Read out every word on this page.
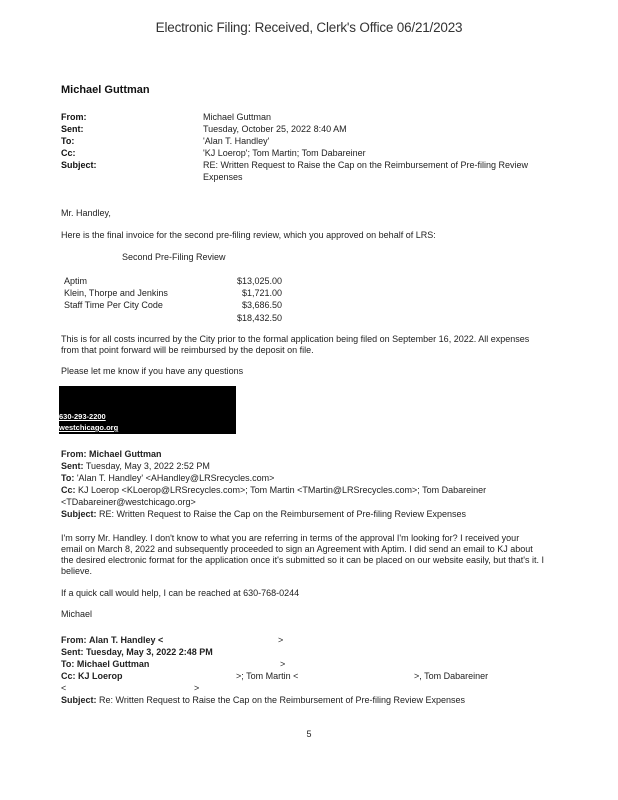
Electronic Filing: Received, Clerk's Office 06/21/2023
Michael Guttman
From:	Michael Guttman
Sent:	Tuesday, October 25, 2022 8:40 AM
To:	'Alan T. Handley'
Cc:	'KJ Loerop'; Tom Martin; Tom Dabareiner
Subject:	RE: Written Request to Raise the Cap on the Reimbursement of Pre-filing Review
Expenses
Mr. Handley,
Here is the final invoice for the second pre-filing review, which you approved on behalf of LRS:
Second Pre-Filing Review
Aptim	$13,025.00
Klein, Thorpe and Jenkins	$1,721.00
Staff Time Per City Code	$3,686.50
$18,432.50
This is for all costs incurred by the City prior to the formal application being filed on September 16, 2022. All expenses
from that point forward will be reimbursed by the deposit on file.
Please let me know if you have any questions
630-293-2200
westchicago.org
From: Michael Guttman
Sent: Tuesday, May 3, 2022 2:52 PM
To: 'Alan T. Handley' <AHandley@LRSrecycles.com>
Cc: KJ Loerop <KLoerop@LRSrecycles.com>; Tom Martin <TMartin@LRSrecycles.com>; Tom Dabareiner
<TDabareiner@westchicago.org>
Subject: RE: Written Request to Raise the Cap on the Reimbursement of Pre-filing Review Expenses
I'm sorry Mr. Handley. I don't know to what you are referring in terms of the approval I'm looking for? I received your
email on March 8, 2022 and subsequently proceeded to sign an Agreement with Aptim. I did send an email to KJ about
the desired electronic format for the application once it's submitted so it can be placed on our website easily, but that's it. I
believe.
If a quick call would help, I can be reached at 630-768-0244
Michael
From: Alan T. Handley <	>
Sent: Tuesday, May 3, 2022 2:48 PM
To: Michael Guttman	>
Cc: KJ Loerop	>; Tom Martin <	>, Tom Dabareiner
<	>
Subject: Re: Written Request to Raise the Cap on the Reimbursement of Pre-filing Review Expenses
5
